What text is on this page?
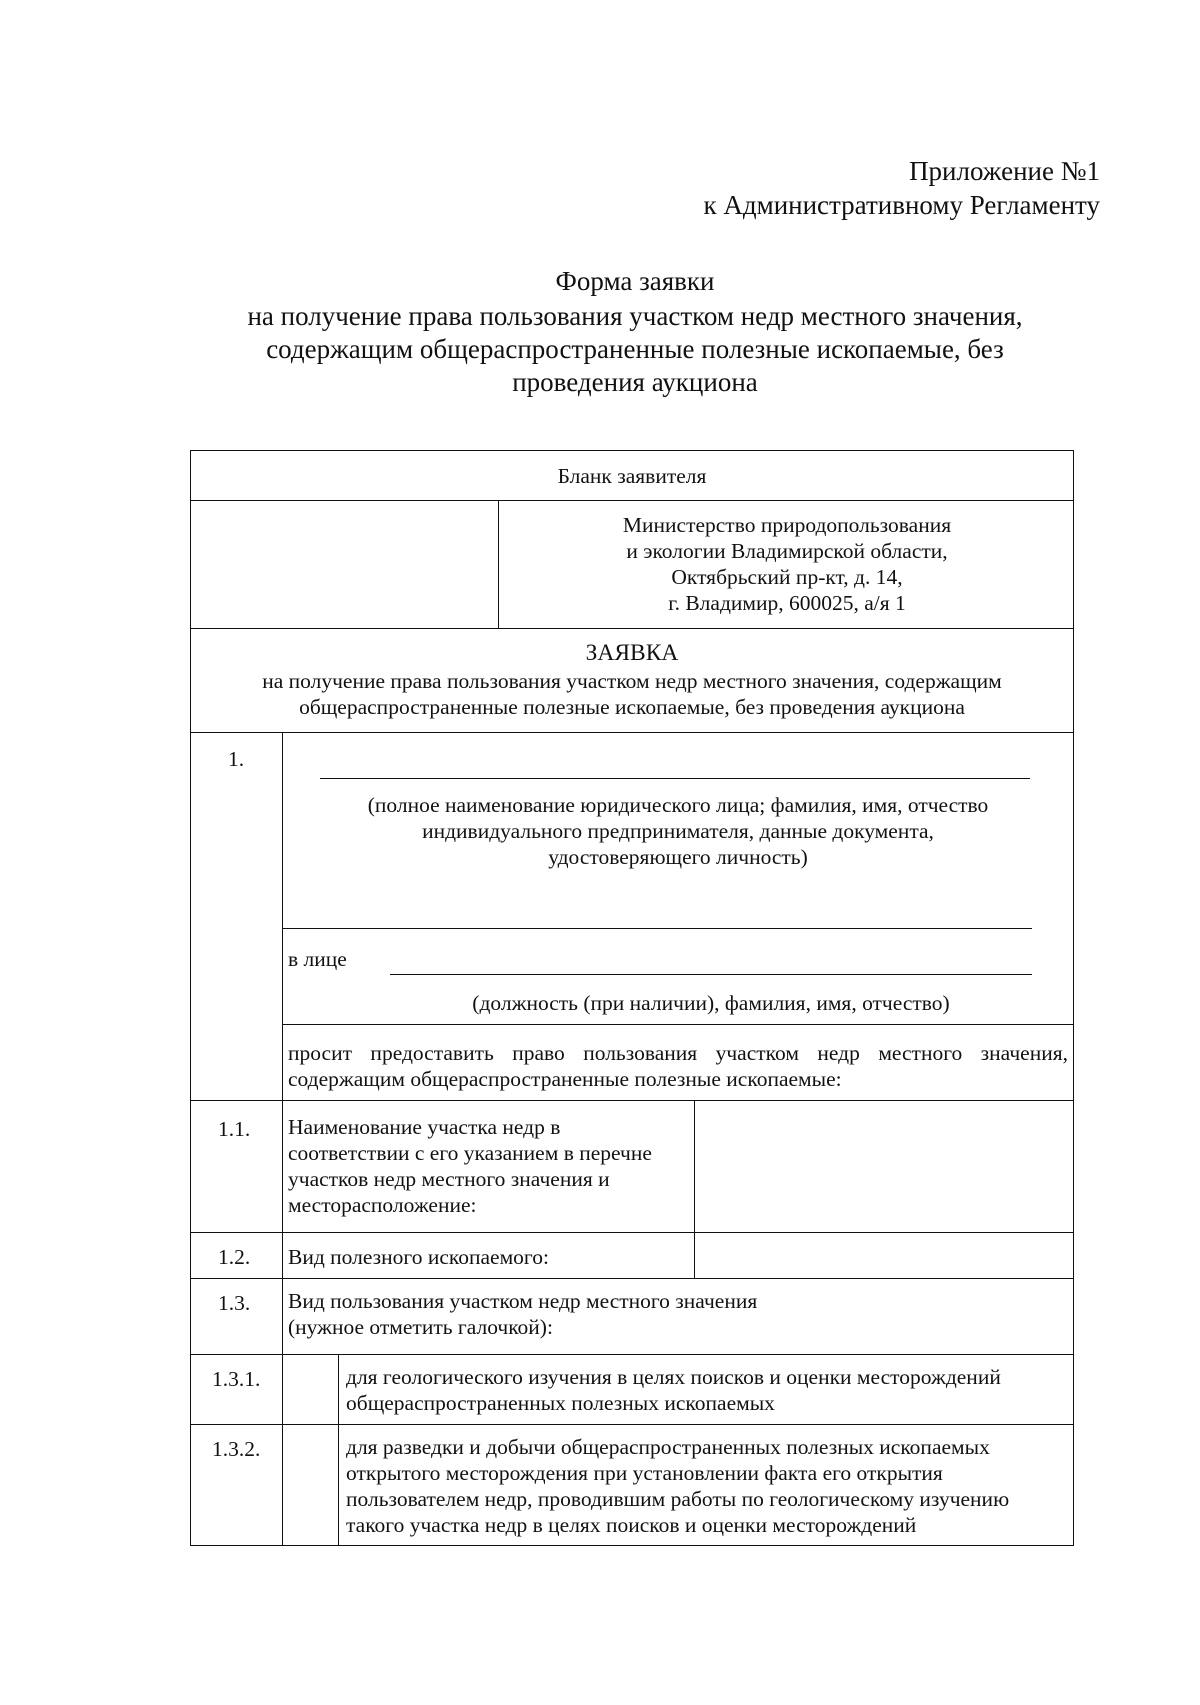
Приложение №1
к Административному Регламенту
Форма заявки
на получение права пользования участком недр местного значения,
содержащим общераспространенные полезные ископаемые, без
проведения аукциона
Бланк заявителя
Министерство природопользования
и экологии Владимирской области,
Октябрьский пр-кт, д. 14,
г. Владимир, 600025, а/я 1
ЗАЯВКА
на получение права пользования участком недр местного значения, содержащим
общераспространенные полезные ископаемые, без проведения аукциона
1.
(полное наименование юридического лица; фамилия, имя, отчество
индивидуального предпринимателя, данные документа,
удостоверяющего личность)
в лице
(должность (при наличии), фамилия, имя, отчество)
просит предоставить право пользования участком недр местного значения,
содержащим общераспространенные полезные ископаемые:
1.1. Наименование участка недр в
соответствии с его указанием в перечне
участков недр местного значения и
месторасположение:
1.2. Вид полезного ископаемого:
1.3. Вид пользования участком недр местного значения
(нужное отметить галочкой):
1.3.1.	для геологического изучения в целях поисков и оценки месторождений
общераспространенных полезных ископаемых
1.3.2.	для разведки и добычи общераспространенных полезных ископаемых
открытого месторождения при установлении факта его открытия
пользователем недр, проводившим работы по геологическому изучению
такого участка недр в целях поисков и оценки месторождений
